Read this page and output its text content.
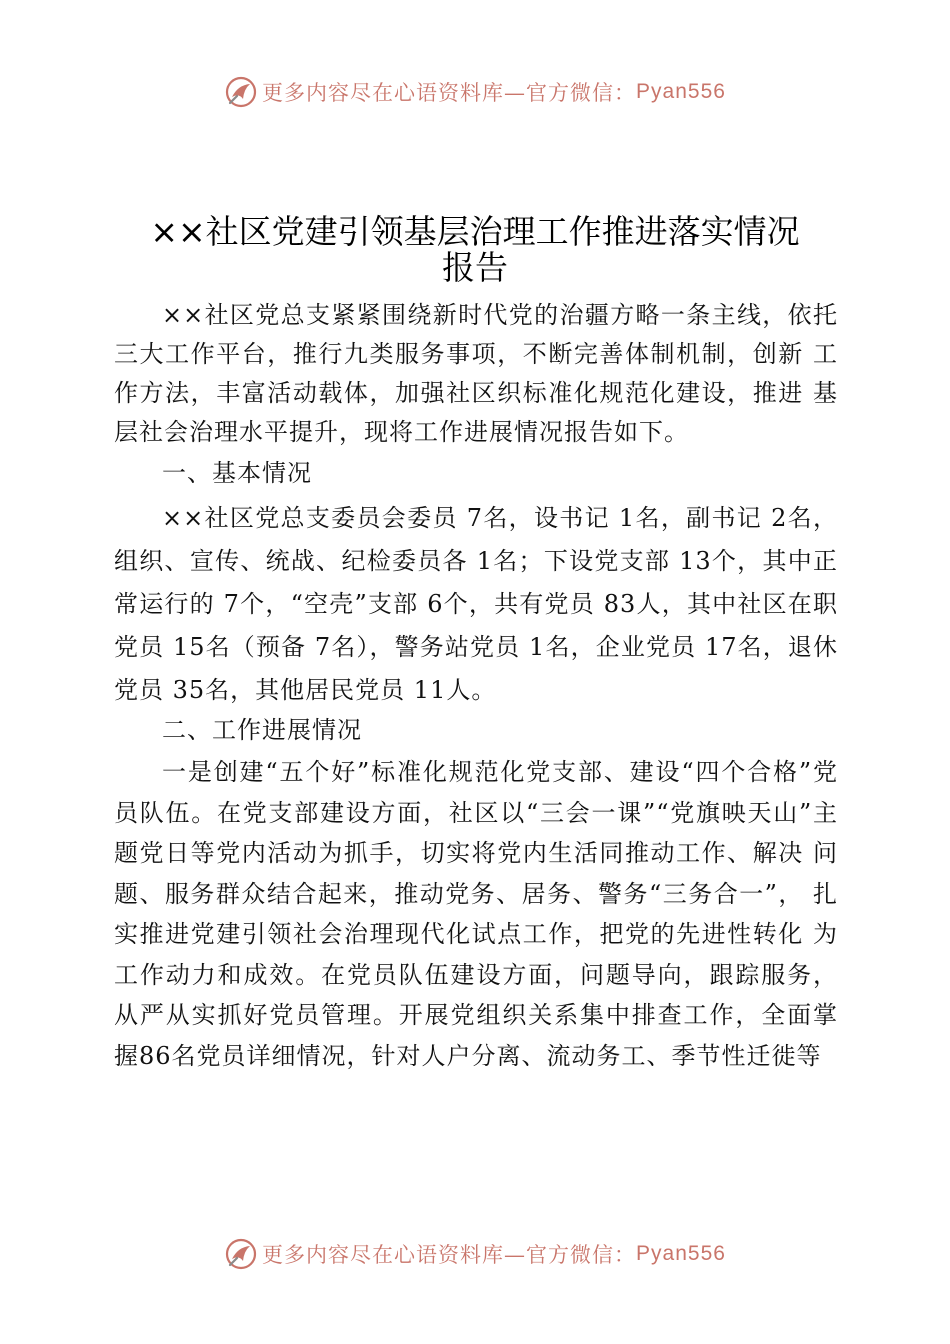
更多内容尽在心语资料库—官方微信： Pyan556
××社区党建引领基层治理工作推进落实情况
报告

××社区党总支紧紧围绕新时代党的治疆方略一条主线，依托三大工作平台，推行九类服务事项，不断完善体制机制，创新 工作方法，丰富活动载体，加强社区织标准化规范化建设，推进 基层社会治理水平提升，现将工作进展情况报告如下。

一、基本情况

××社区党总支委员会委员 7名，设书记 1名，副书记 2名，组织、宣传、统战、纪检委员各 1名；下设党支部 13个，其中正常运行的 7个，“空壳”支部 6个，共有党员 83人，其中社区在职党员 15名（预备 7名），警务站党员 1名，企业党员 17名，退休党员 35名，其他居民党员 11人。

二、工作进展情况

一是创建“五个好”标准化规范化党支部、建设“四个合格”党员队伍。在党支部建设方面，社区以“三会一课”“党旗映天山”主题党日等党内活动为抓手，切实将党内生活同推动工作、解决 问题、服务群众结合起来，推动党务、居务、警务“三务合一”， 扎实推进党建引领社会治理现代化试点工作，把党的先进性转化 为工作动力和成效。在党员队伍建设方面，问题导向，跟踪服务， 从严从实抓好党员管理。开展党组织关系集中排查工作，全面掌 握86名党员详细情况，针对人户分离、流动务工、季节性迁徙等

更多内容尽在心语资料库—官方微信： Pyan556
